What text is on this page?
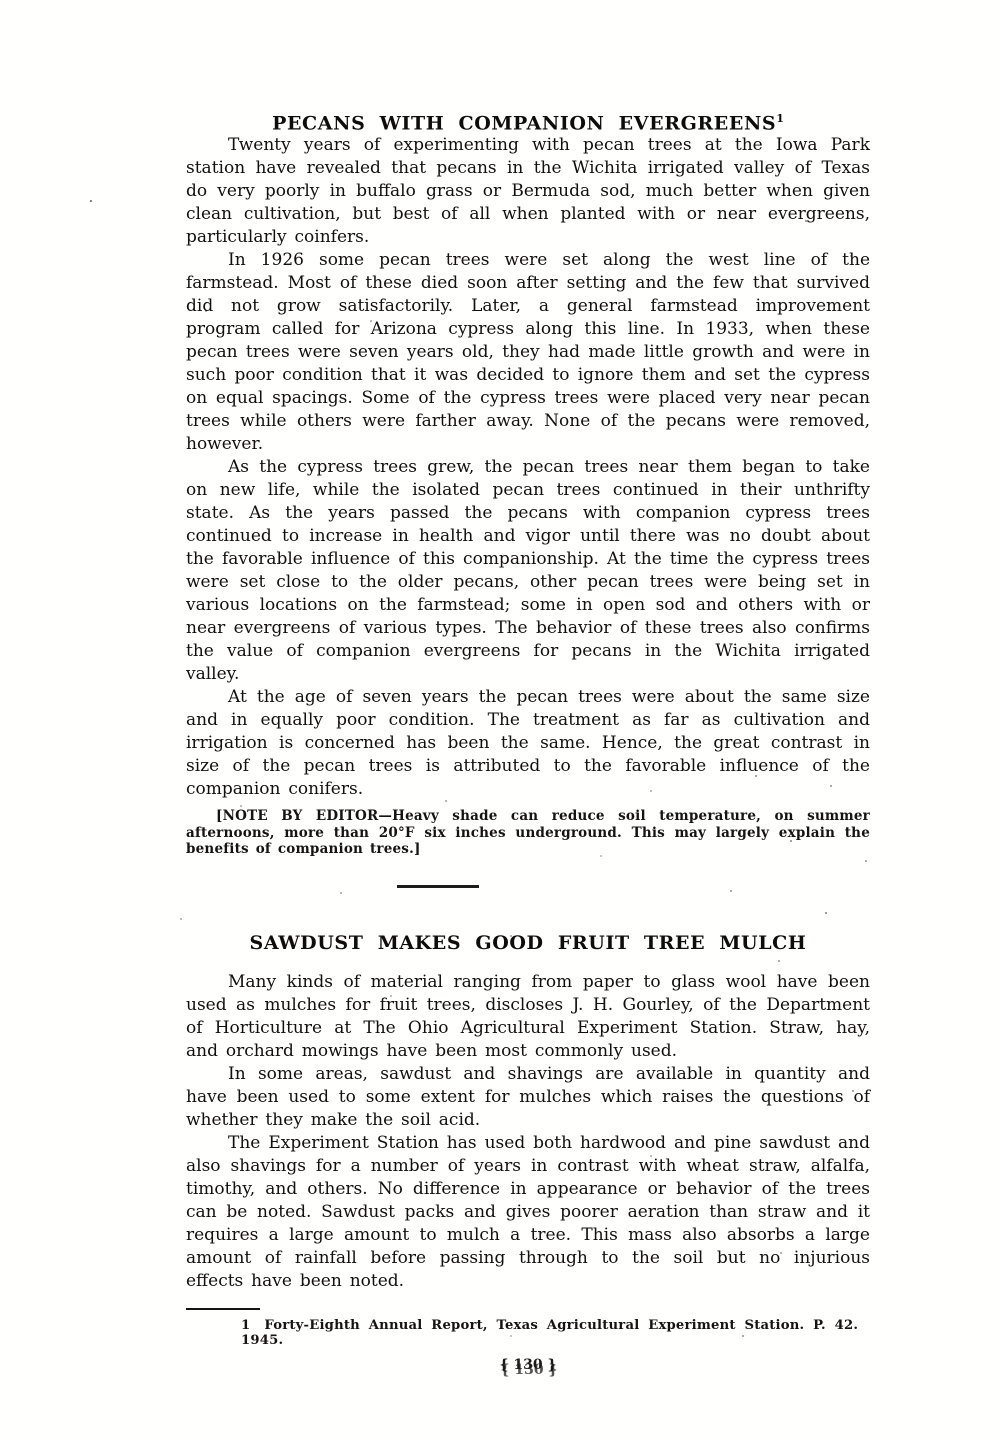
PECANS WITH COMPANION EVERGREENS$^1$

Twenty years of experimenting with pecan trees at the Iowa Park station have revealed that pecans in the Wichita irrigated valley of Texas do very poorly in buffalo grass or Bermuda sod, much better when given clean cultivation, but best of all when planted with or near evergreens, particularly coinfers.

In 1926 some pecan trees were set along the west line of the farmstead. Most of these died soon after setting and the few that survived did not grow satisfactorily. Later, a general farmstead improvement program called for Arizona cypress along this line. In 1933, when these pecan trees were seven years old, they had made little growth and were in such poor condition that it was decided to ignore them and set the cypress on equal spacings. Some of the cypress trees were placed very near pecan trees while others were farther away. None of the pecans were removed, however.

As the cypress trees grew, the pecan trees near them began to take on new life, while the isolated pecan trees continued in their unthrifty state. As the years passed the pecans with companion cypress trees continued to increase in health and vigor until there was no doubt about the favorable influence of this companionship. At the time the cypress trees were set close to the older pecans, other pecan trees were being set in various locations on the farmstead; some in open sod and others with or near evergreens of various types. The behavior of these trees also confirms the value of companion evergreens for pecans in the Wichita irrigated valley.

At the age of seven years the pecan trees were about the same size and in equally poor condition. The treatment as far as cultivation and irrigation is concerned has been the same. Hence, the great contrast in size of the pecan trees is attributed to the favorable influence of the companion conifers.

[NOTE BY EDITOR—Heavy shade can reduce soil temperature, on summer afternoons, more than 20°F six inches underground. This may largely explain the benefits of companion trees.]

SAWDUST MAKES GOOD FRUIT TREE MULCH

Many kinds of material ranging from paper to glass wool have been used as mulches for fruit trees, discloses J. H. Gourley, of the Department of Horticulture at The Ohio Agricultural Experiment Station. Straw, hay, and orchard mowings have been most commonly used.

In some areas, sawdust and shavings are available in quantity and have been used to some extent for mulches which raises the questions of whether they make the soil acid.

The Experiment Station has used both hardwood and pine sawdust and also shavings for a number of years in contrast with wheat straw, alfalfa, timothy, and others. No difference in appearance or behavior of the trees can be noted. Sawdust packs and gives poorer aeration than straw and it requires a large amount to mulch a tree. This mass also absorbs a large amount of rainfall before passing through to the soil but no injurious effects have been noted.

1 Forty-Eighth Annual Report, Texas Agricultural Experiment Station. P. 42. 1945.

{ 130 }
